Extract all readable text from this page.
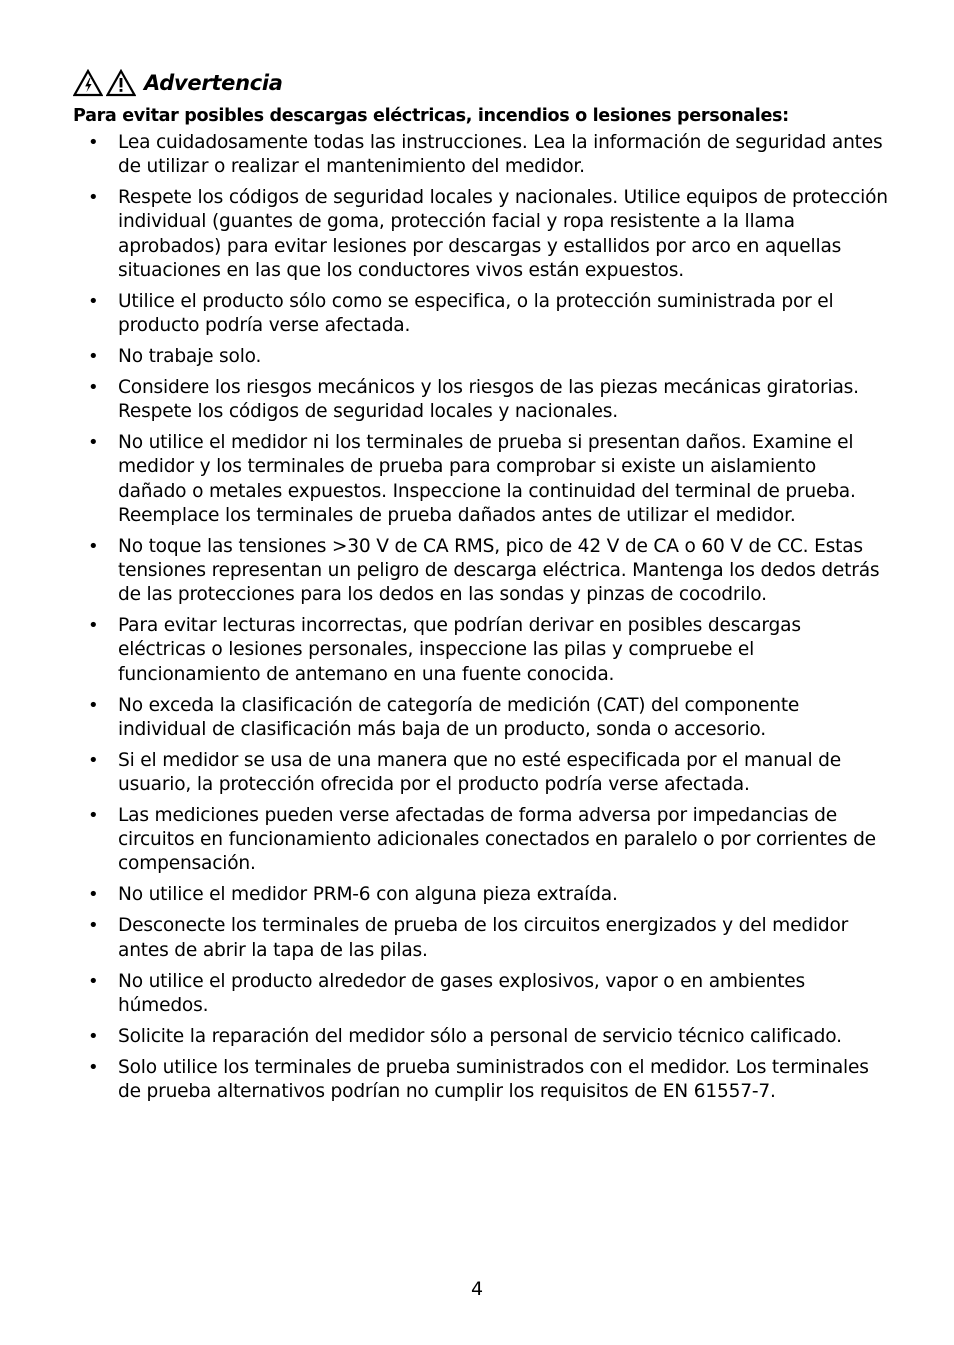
Advertencia
Para evitar posibles descargas eléctricas, incendios o lesiones personales:
• Lea cuidadosamente todas las instrucciones. Lea la información de seguridad antes de utilizar o realizar el mantenimiento del medidor.
• Respete los códigos de seguridad locales y nacionales. Utilice equipos de protección individual (guantes de goma, protección facial y ropa resistente a la llama aprobados) para evitar lesiones por descargas y estallidos por arco en aquellas situaciones en las que los conductores vivos están expuestos.
• Utilice el producto sólo como se especifica, o la protección suministrada por el producto podría verse afectada.
• No trabaje solo.
• Considere los riesgos mecánicos y los riesgos de las piezas mecánicas giratorias. Respete los códigos de seguridad locales y nacionales.
• No utilice el medidor ni los terminales de prueba si presentan daños. Examine el medidor y los terminales de prueba para comprobar si existe un aislamiento dañado o metales expuestos. Inspeccione la continuidad del terminal de prueba. Reemplace los terminales de prueba dañados antes de utilizar el medidor.
• No toque las tensiones >30 V de CA RMS, pico de 42 V de CA o 60 V de CC. Estas tensiones representan un peligro de descarga eléctrica. Mantenga los dedos detrás de las protecciones para los dedos en las sondas y pinzas de cocodrilo.
• Para evitar lecturas incorrectas, que podrían derivar en posibles descargas eléctricas o lesiones personales, inspeccione las pilas y compruebe el funcionamiento de antemano en una fuente conocida.
• No exceda la clasificación de categoría de medición (CAT) del componente individual de clasificación más baja de un producto, sonda o accesorio.
• Si el medidor se usa de una manera que no esté especificada por el manual de usuario, la protección ofrecida por el producto podría verse afectada.
• Las mediciones pueden verse afectadas de forma adversa por impedancias de circuitos en funcionamiento adicionales conectados en paralelo o por corrientes de compensación.
• No utilice el medidor PRM-6 con alguna pieza extraída.
• Desconecte los terminales de prueba de los circuitos energizados y del medidor antes de abrir la tapa de las pilas.
• No utilice el producto alrededor de gases explosivos, vapor o en ambientes húmedos.
• Solicite la reparación del medidor sólo a personal de servicio técnico calificado.
• Solo utilice los terminales de prueba suministrados con el medidor. Los terminales de prueba alternativos podrían no cumplir los requisitos de EN 61557-7.
4
